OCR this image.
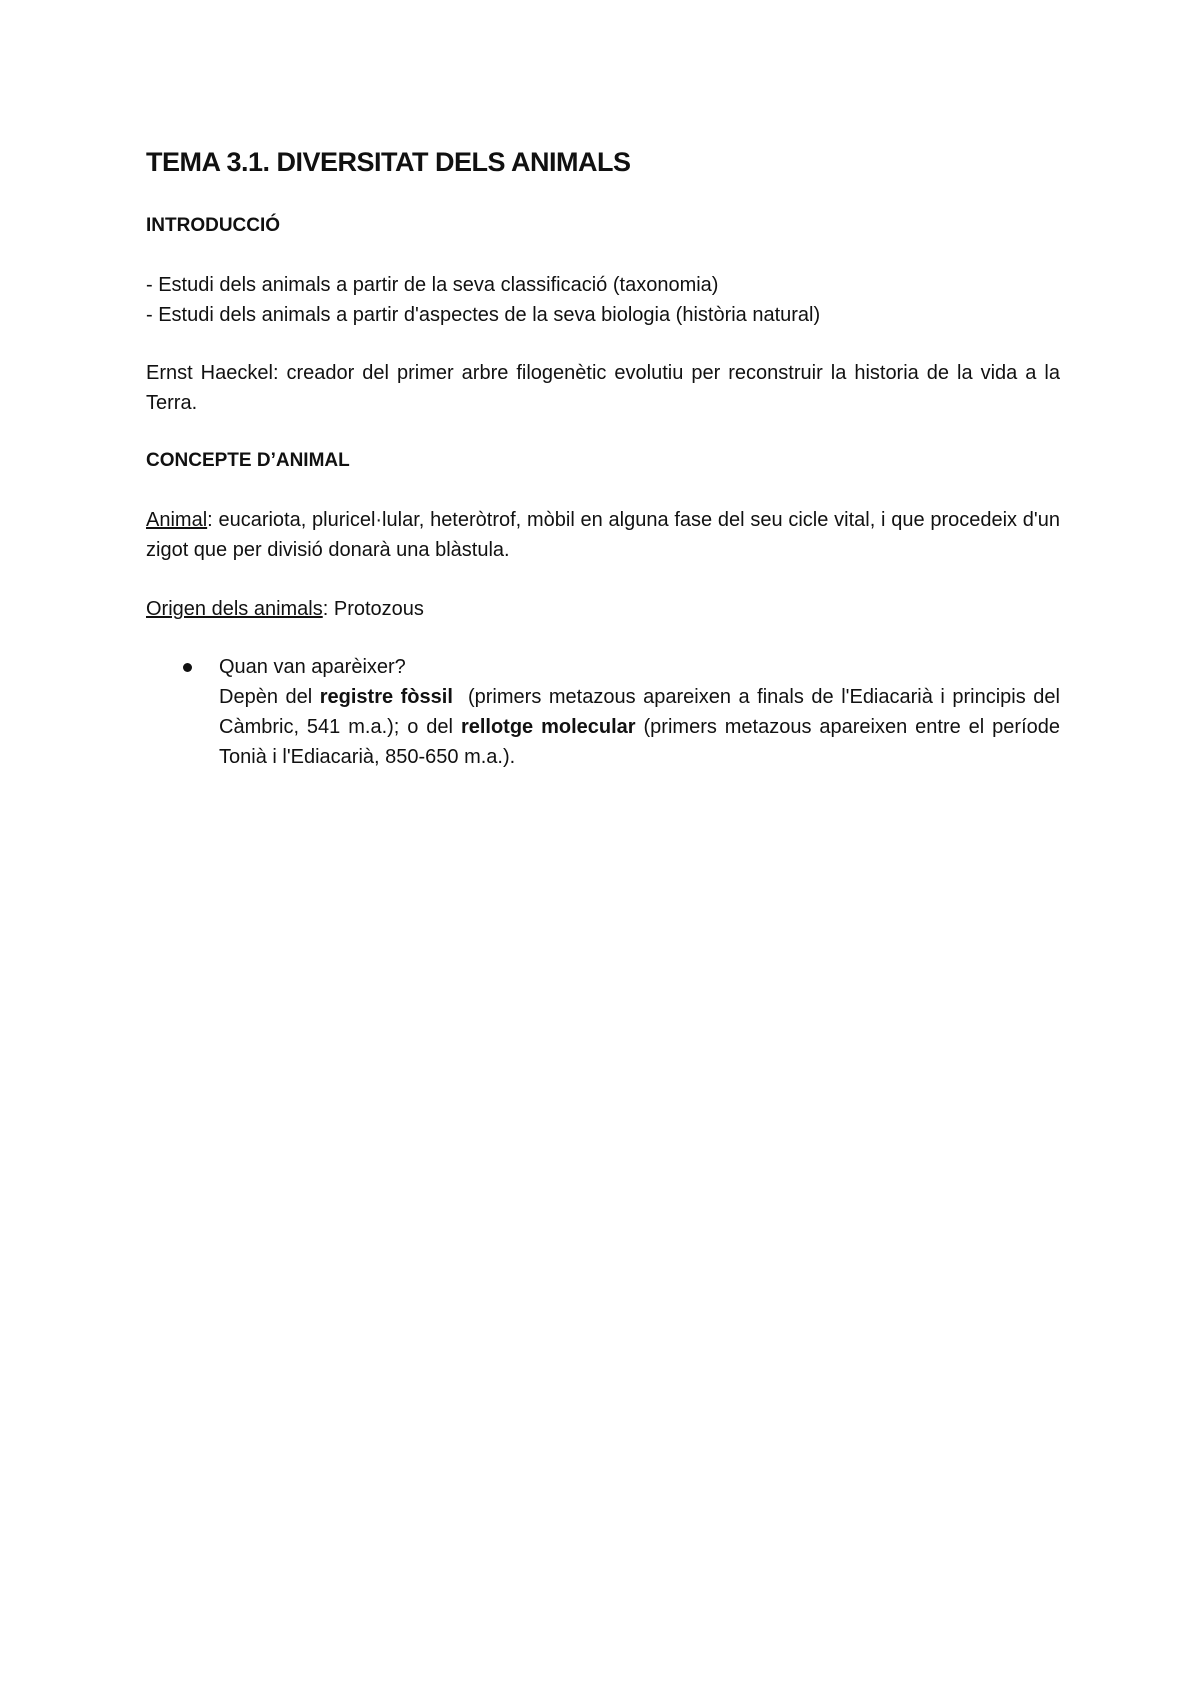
TEMA 3.1. DIVERSITAT DELS ANIMALS
INTRODUCCIÓ

- Estudi dels animals a partir de la seva classificació (taxonomia)

- Estudi dels animals a partir d'aspectes de la seva biologia (història natural)

Ernst Haeckel: creador del primer arbre filogenètic evolutiu per reconstruir la historia de la vida a la Terra.

CONCEPTE D’ANIMAL

Animal: eucariota, pluricel·lular, heteròtrof, mòbil en alguna fase del seu cicle vital, i que procedeix d'un zigot que per divisió donarà una blàstula.

Origen dels animals: Protozous

Quan van aparèixer?
Depèn del registre fòssil  (primers metazous apareixen a finals de l'Ediacarià i principis del Càmbric, 541 m.a.); o del rellotge molecular (primers metazous apareixen entre el període Tonià i l'Ediacarià, 850-650 m.a.).
